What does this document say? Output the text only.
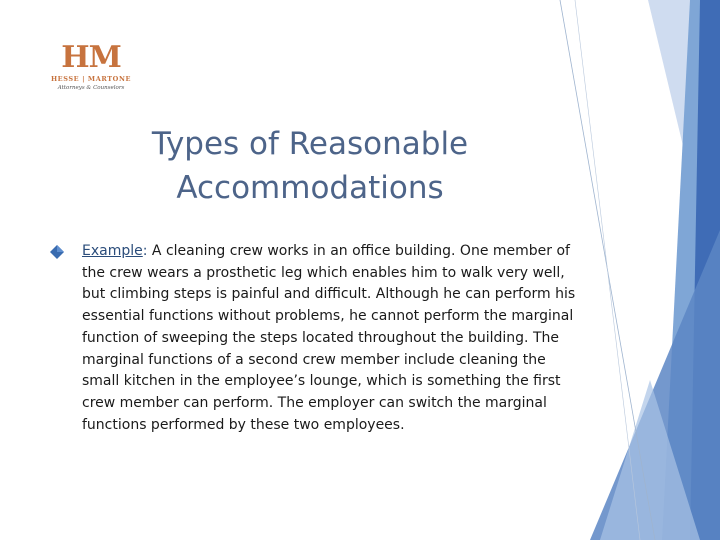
HM
HESSE | MARTONE
Attorneys & Counselors
Types of Reasonable
Accommodations
Example: A cleaning crew works in an office building. One member of the crew wears a prosthetic leg which enables him to walk very well, but climbing steps is painful and difficult. Although he can perform his essential functions without problems, he cannot perform the marginal function of sweeping the steps located throughout the building. The marginal functions of a second crew member include cleaning the small kitchen in the employee’s lounge, which is something the first crew member can perform. The employer can switch the marginal functions performed by these two employees.
